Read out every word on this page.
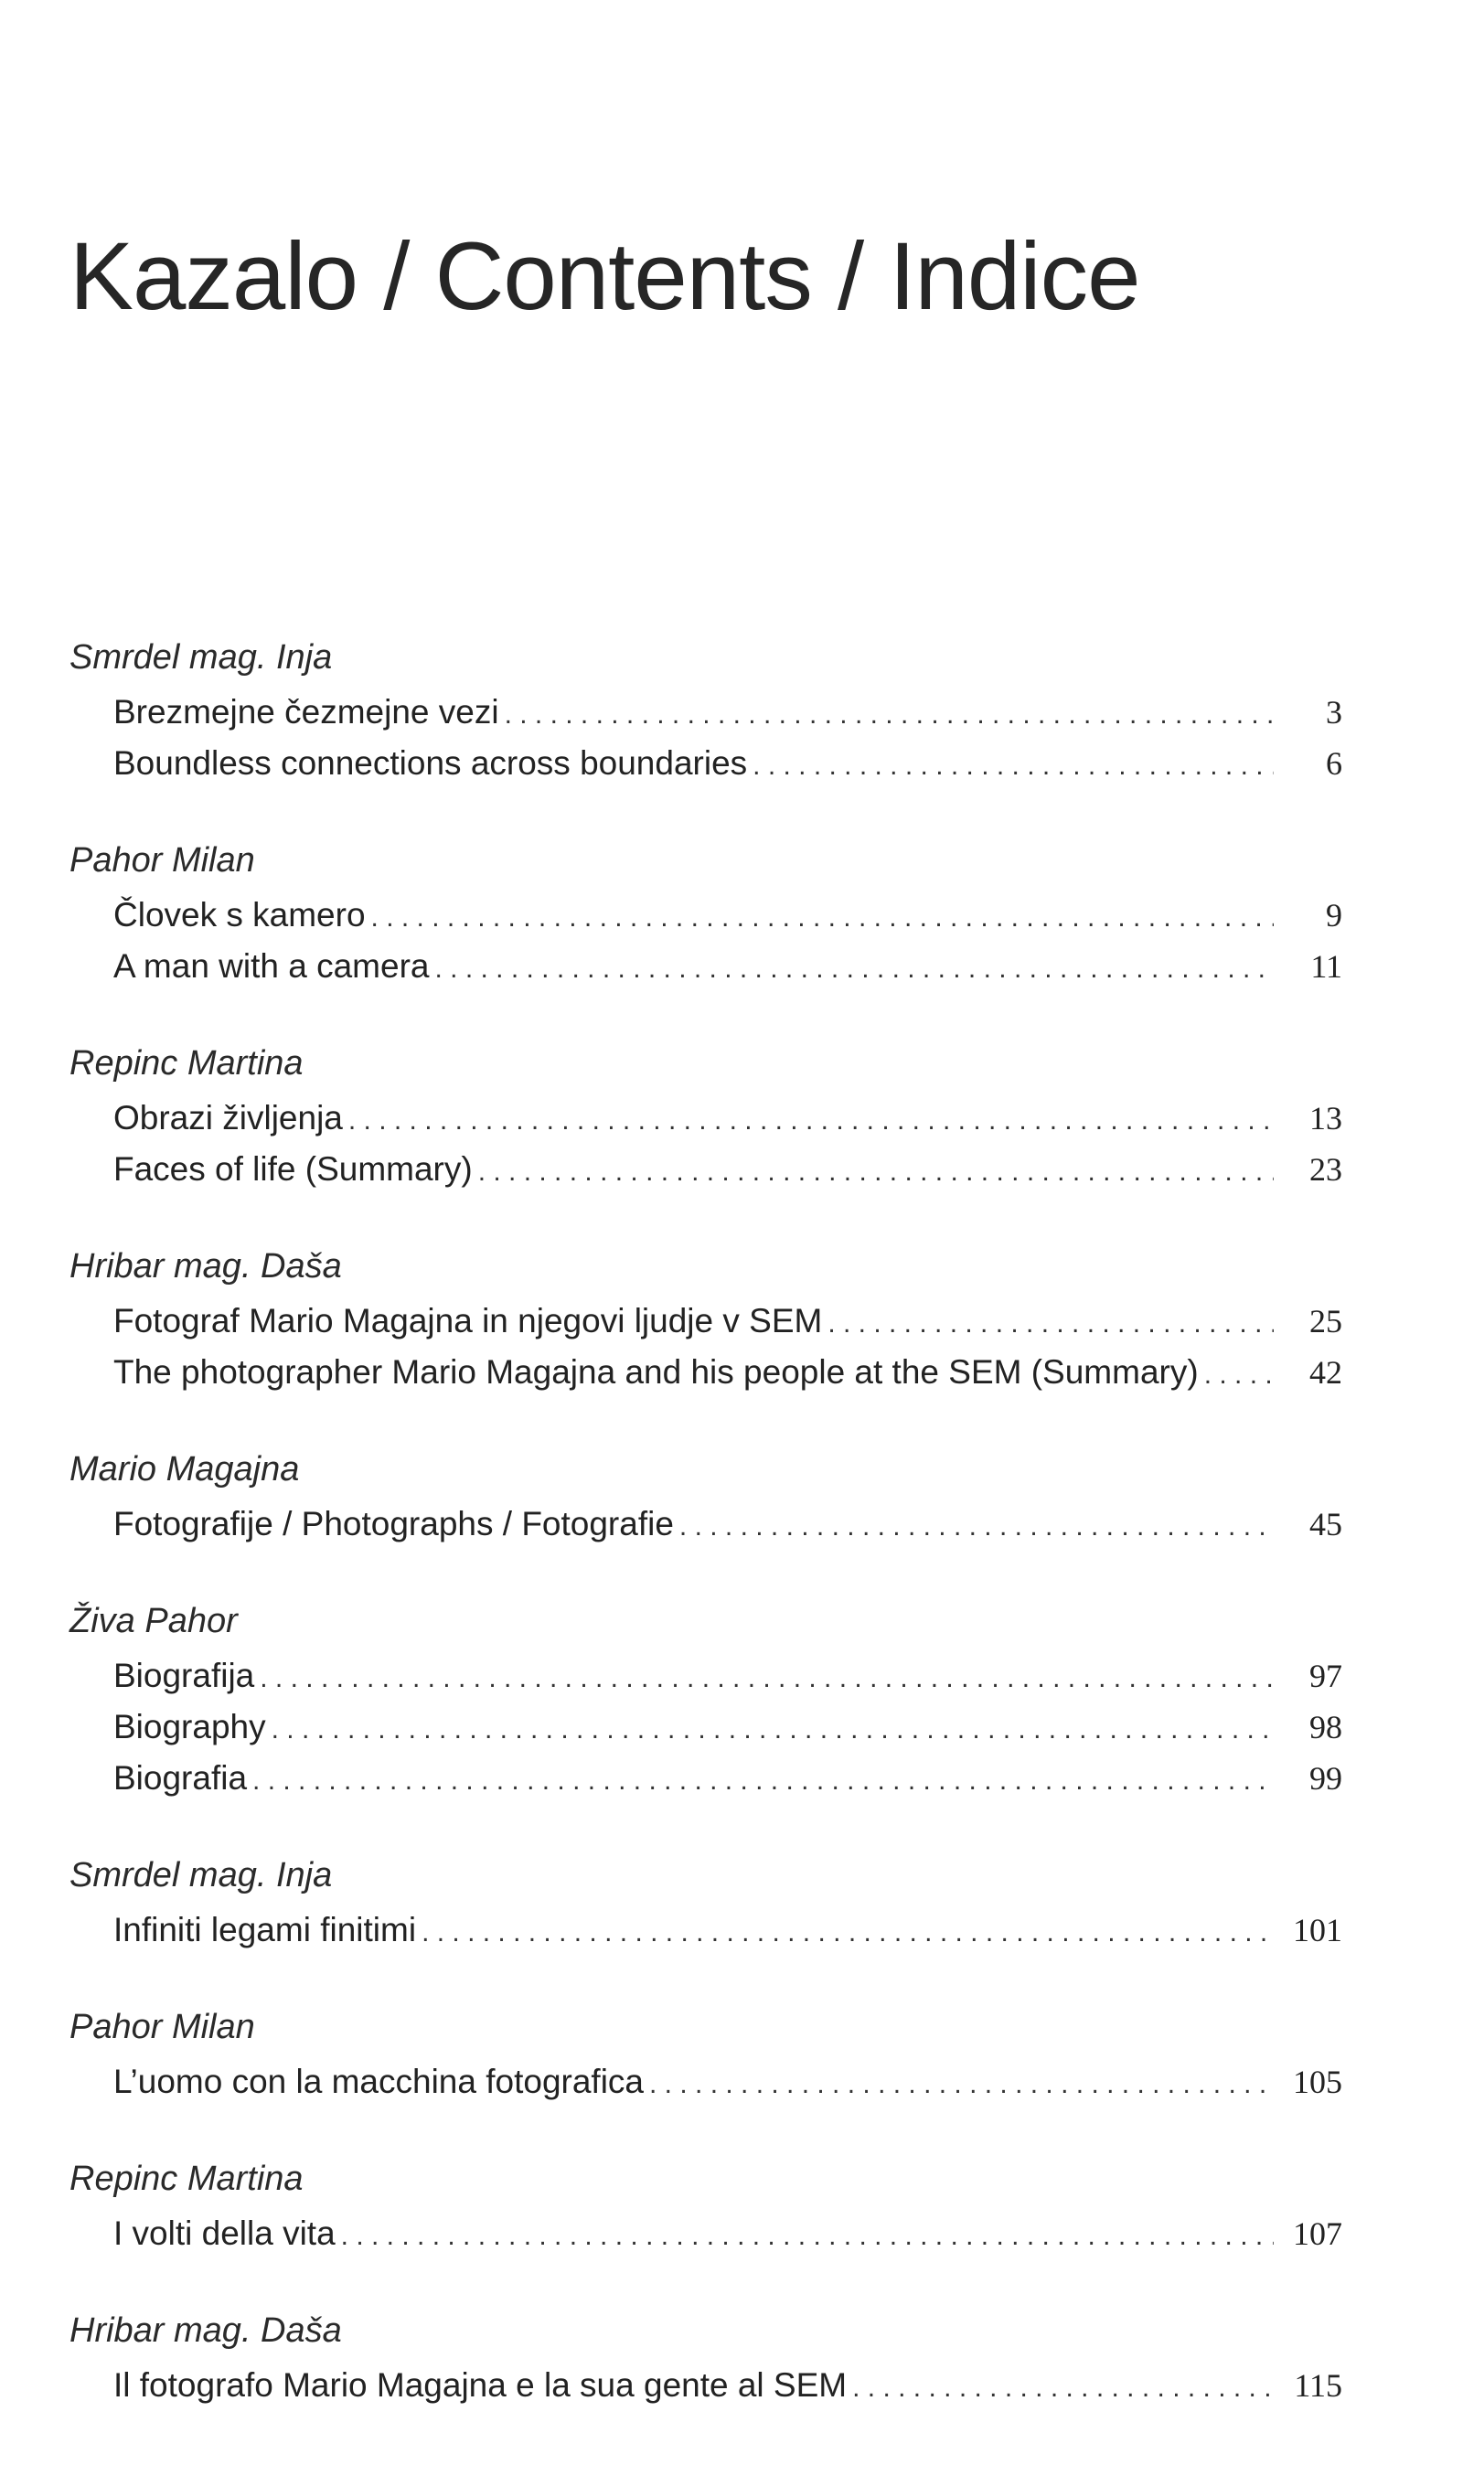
Kazalo / Contents / Indice
Smrdel mag. Inja
Brezmejne čezmejne vezi . . .	3
Boundless connections across boundaries . . .	6
Pahor Milan
Človek s kamero . . .	9
A man with a camera . . .	11
Repinc Martina
Obrazi življenja . . .	13
Faces of life (Summary) . . .	23
Hribar mag. Daša
Fotograf Mario Magajna in njegovi ljudje v SEM . . .	25
The photographer Mario Magajna and his people at the SEM (Summary) . . .	42
Mario Magajna
Fotografije / Photographs / Fotografie . . .	45
Živa Pahor
Biografija . . .	97
Biography . . .	98
Biografia . . .	99
Smrdel mag. Inja
Infiniti legami finitimi . . .	101
Pahor Milan
L’uomo con la macchina fotografica . . .	105
Repinc Martina
I volti della vita . . .	107
Hribar mag. Daša
Il fotografo Mario Magajna e la sua gente al SEM . . .	115
